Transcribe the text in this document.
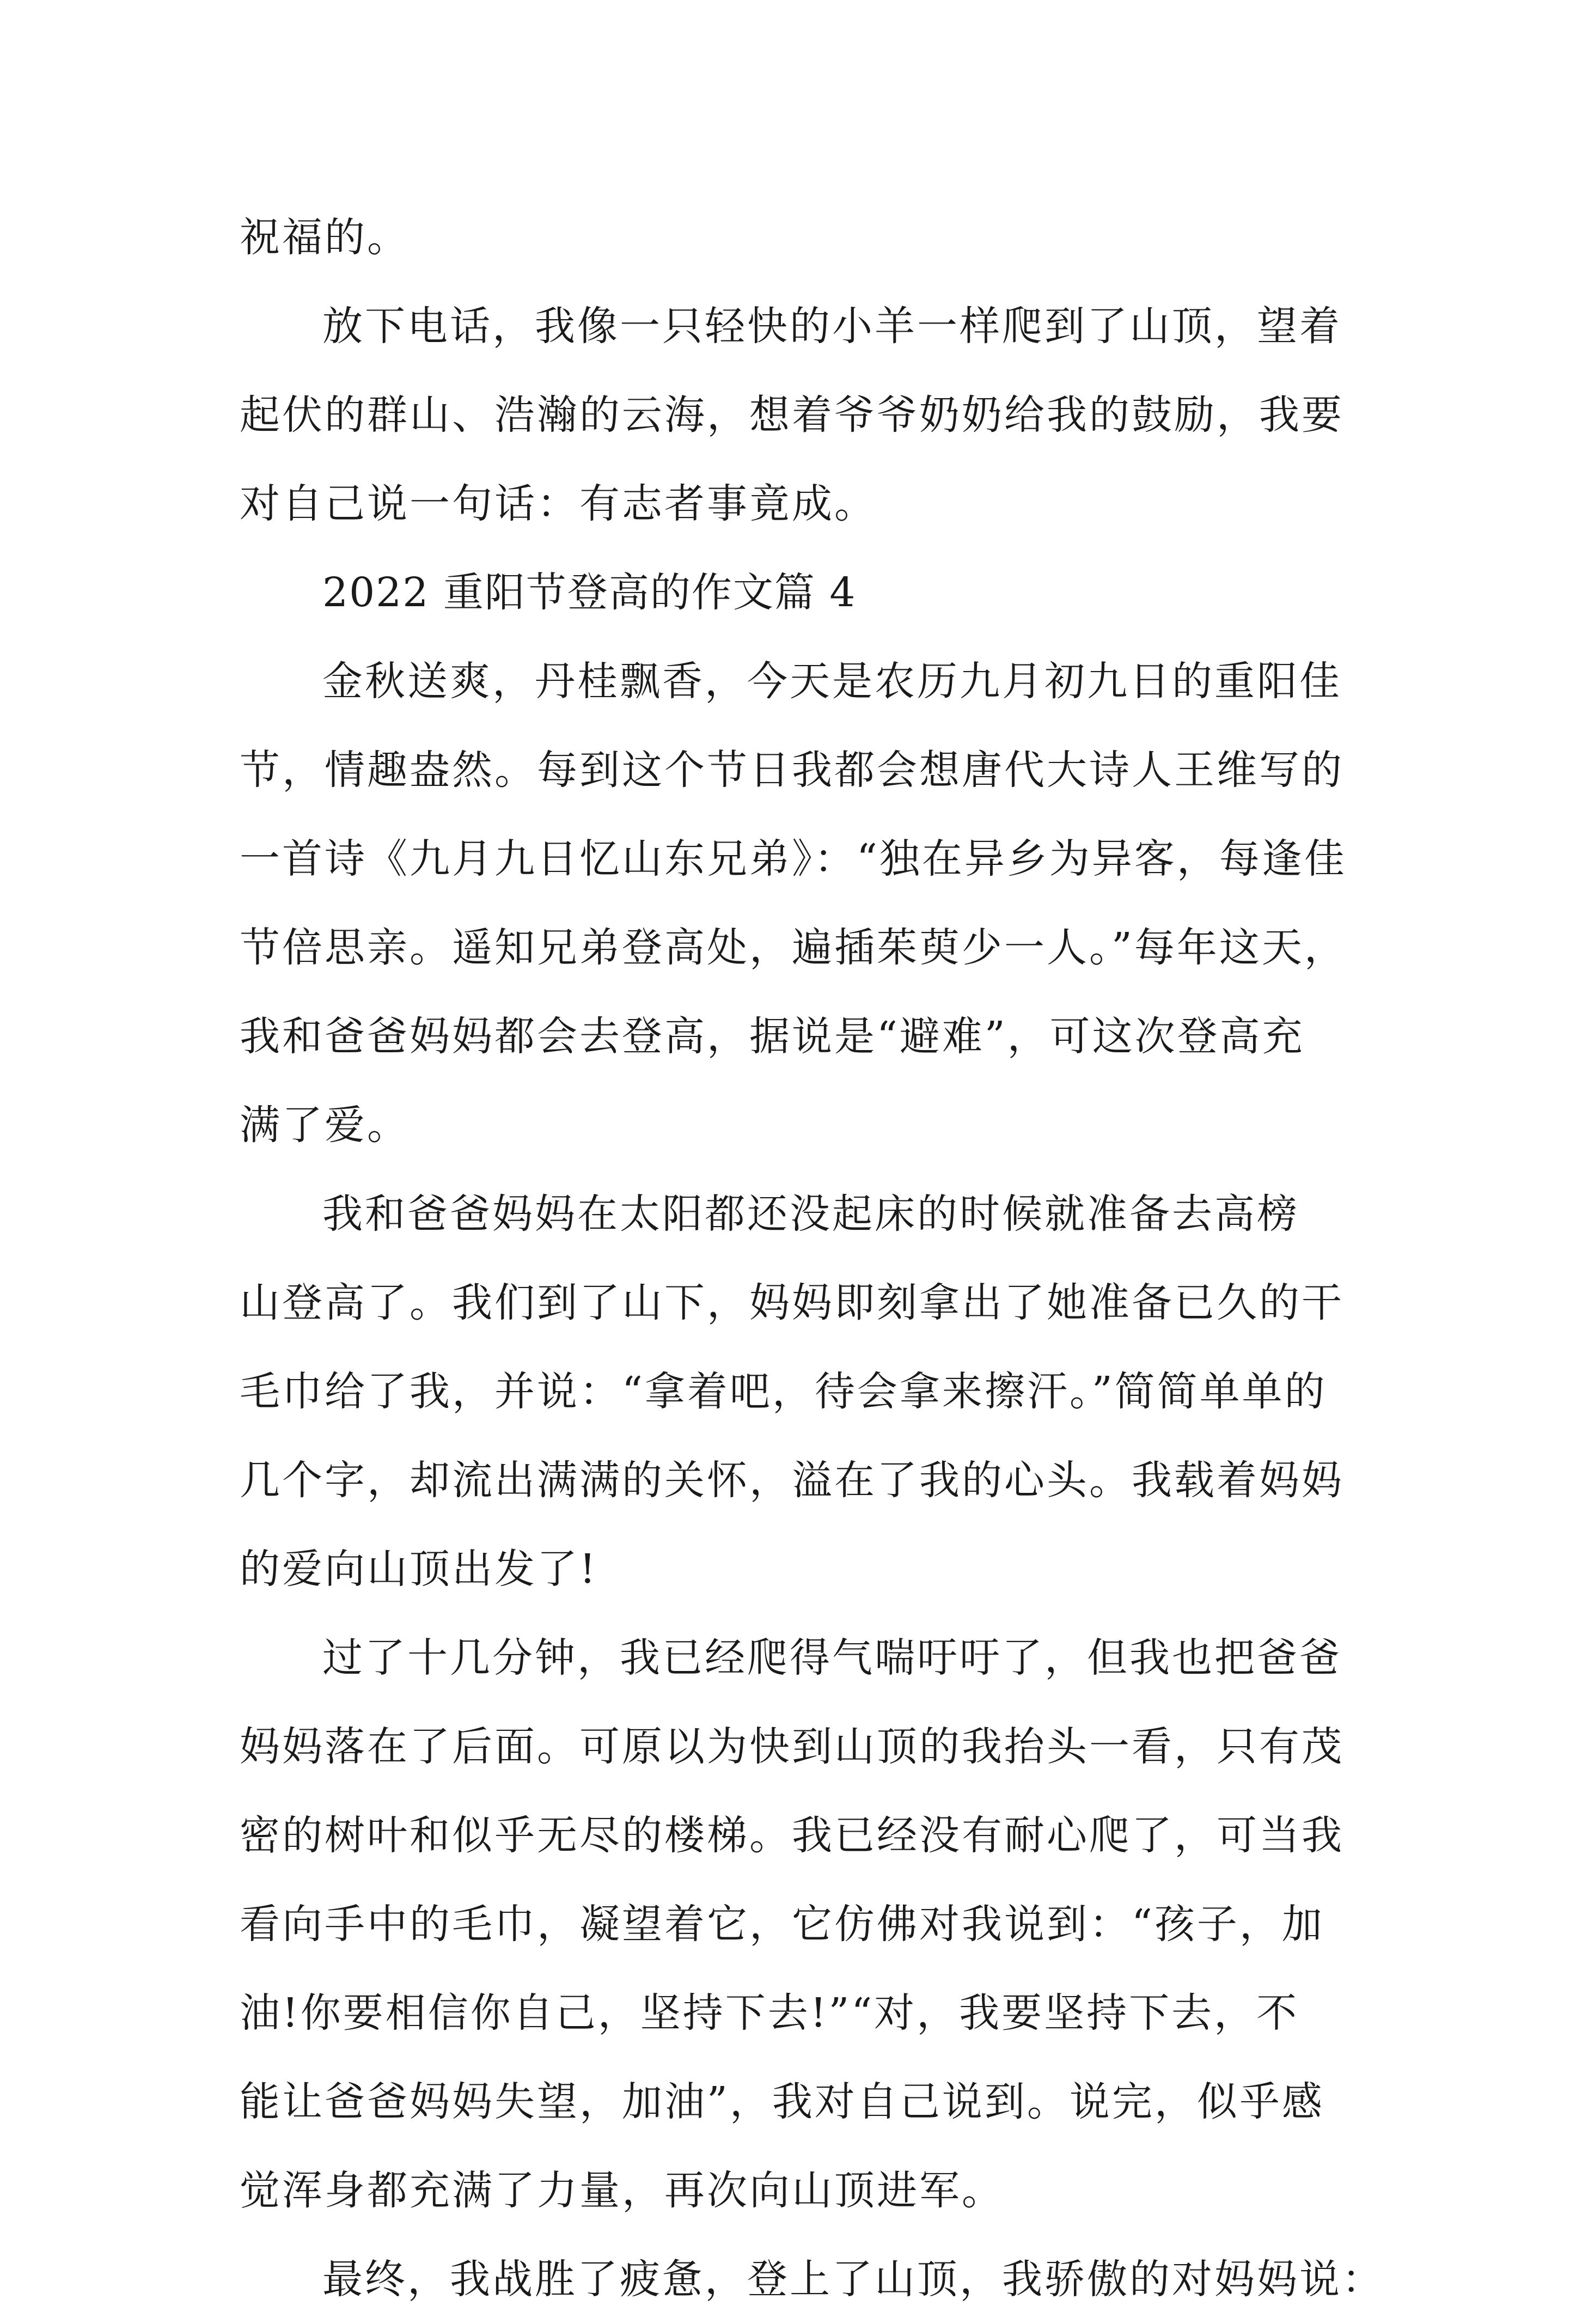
祝福的。
放下电话，我像一只轻快的小羊一样爬到了山顶，望着
起伏的群山、浩瀚的云海，想着爷爷奶奶给我的鼓励，我要
对自己说一句话：有志者事竟成。
2022 重阳节登高的作文篇 4
金秋送爽，丹桂飘香，今天是农历九月初九日的重阳佳
节，情趣盎然。每到这个节日我都会想唐代大诗人王维写的
一首诗《九月九日忆山东兄弟》：“独在异乡为异客，每逢佳
节倍思亲。遥知兄弟登高处，遍插茱萸少一人。”每年这天，
我和爸爸妈妈都会去登高，据说是“避难”，可这次登高充
满了爱。
我和爸爸妈妈在太阳都还没起床的时候就准备去高榜
山登高了。我们到了山下，妈妈即刻拿出了她准备已久的干
毛巾给了我，并说：“拿着吧，待会拿来擦汗。”简简单单的
几个字，却流出满满的关怀，溢在了我的心头。我载着妈妈
的爱向山顶出发了!
过了十几分钟，我已经爬得气喘吁吁了，但我也把爸爸
妈妈落在了后面。可原以为快到山顶的我抬头一看，只有茂
密的树叶和似乎无尽的楼梯。我已经没有耐心爬了，可当我
看向手中的毛巾，凝望着它，它仿佛对我说到：“孩子，加
油!你要相信你自己，坚持下去!”“对，我要坚持下去，不
能让爸爸妈妈失望，加油”，我对自己说到。说完，似乎感
觉浑身都充满了力量，再次向山顶进军。
最终，我战胜了疲惫，登上了山顶，我骄傲的对妈妈说：
